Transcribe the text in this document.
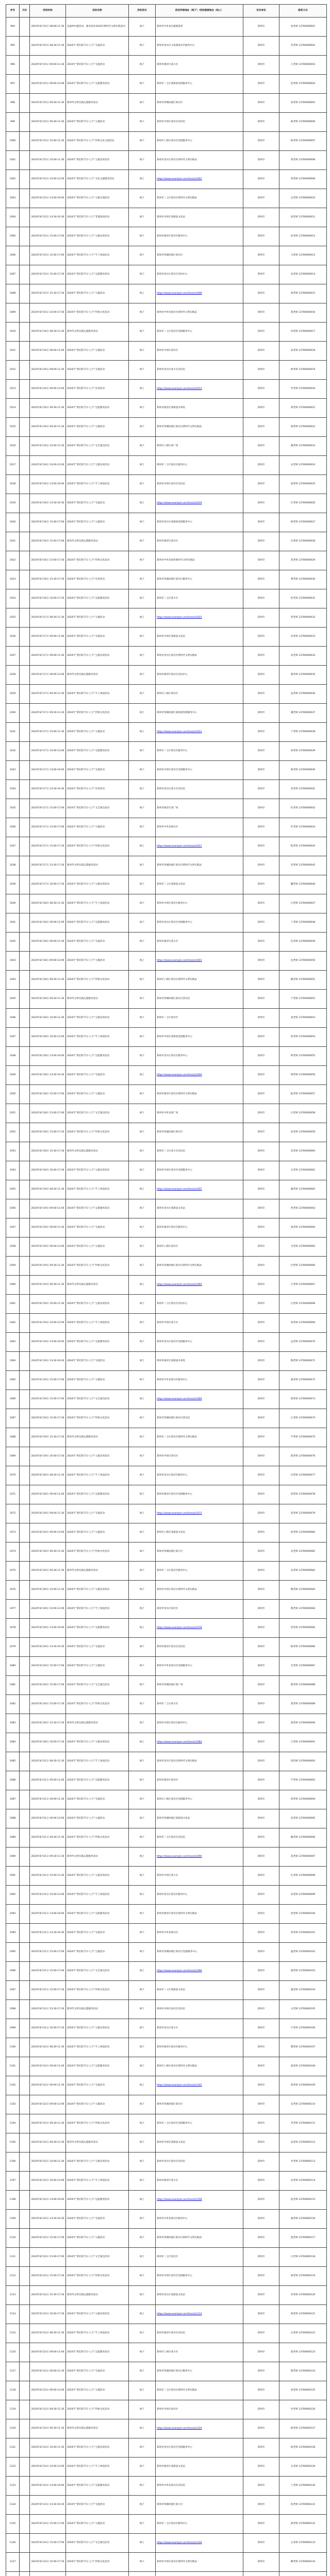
序号	月份	活动时间	活动名称	活动形式	活动详细地址（线下）/活动链接地址（线上）	发布单位	联系方式
994		2024年8月15日 08:00-11:30	美丽乡村游活动，感受家乡2024年新时代文明实践活动	线下	郑州市中牟县官渡镇某村	郑州市	张老师 13700000001
995		2024年8月15日 08:30-11:30	2024年“我们的节日·七夕”交流活动	线下	郑州市金水区文化路某社区服务中心	郑州市	李老师 13700000002
996		2024年8月15日 09:00-11:30	2024年“我们的节日·七夕”交流活动	线下	郑州市惠济区某小区	郑州市	王老师 13700000003
997		2024年8月15日 09:00-12:00	2024年“我们的节日·七夕”志愿服务活动	线下	郑州市二七区某街道党群服务中心	郑州市	赵老师 13700000004
998		2024年8月15日 09:30-11:30	新时代文明实践志愿服务活动	线下	郑州市管城回族区某社区	郑州市	刘老师 13700000005
999		2024年8月15日 09:30-11:30	2024年“我们的节日·七夕”主题活动	线下	郑州市中原区某社区活动室	郑州市	陈老师 13700000006
1000		2024年8月15日 10:00-11:30	2024年“我们的节日·七夕”传统文化交流活动	线下	郑州市上街区某社区党群服务中心	郑州市	杨老师 13700000007
1001		2024年8月15日 10:00-11:30	2024年“我们的节日·七夕”主题宣讲活动	线下	郑州市金水区某社区新时代文明实践站	郑州市	黄老师 13700000008
1002		2024年8月15日 10:00-12:00	2024年“我们的节日·七夕”文化志愿服务活动	线上	https://www.example.com/live/zz1002	郑州市	周老师 13700000009
1003		2024年8月15日 14:00-16:00	2024年“我们的节日·七夕”主题交流活动	线下	郑州市二七区某社区新时代文明实践站	郑州市	吴老师 13700000010
1004		2024年8月15日 14:30-16:30	2024年“我们的节日·七夕”非遗体验活动	线下	郑州市中原区某街道文化站	郑州市	徐老师 13700000011
1005		2024年8月15日 15:00-17:00	2024年“我们的节日·七夕”主题宣讲活动	线下	郑州市惠济区某社区服务中心	郑州市	孙老师 13700000012
1006		2024年8月15日 15:00-17:00	2024年“我们的节日·七夕”手工体验活动	线下	郑州市管城回族区某社区	郑州市	马老师 13700000013
1007		2024年8月15日 15:00-17:30	2024年“我们的节日·七夕”志愿服务活动	线下	郑州市金水区某社区活动中心	郑州市	朱老师 13700000014
1008		2024年8月15日 15:30-17:30	2024年“我们的节日·七夕”主题活动	线上	https://www.example.com/live/zz1008	郑州市	胡老师 13700000015
1009		2024年8月15日 16:00-17:30	2024年“我们的节日·七夕”传统文化活动	线下	郑州市中牟县某社区新时代文明实践站	郑州市	郭老师 13700000016
1010		2024年8月16日 08:30-11:30	新时代文明实践志愿服务活动	线下	郑州市二七区某社区党群服务中心	郑州市	何老师 13700000017
1011		2024年8月16日 09:00-11:00	2024年“我们的节日·七夕”主题活动	线下	郑州市中原区某社区	郑州市	高老师 13700000018
1012		2024年8月16日 09:00-11:30	2024年“我们的节日·七夕”交流活动	线下	郑州市金水区某小区活动室	郑州市	林老师 13700000019
1013		2024年8月16日 09:00-12:00	2024年“我们的节日·七夕”宣讲活动	线上	https://www.example.com/live/zz1013	郑州市	罗老师 13700000020
1014		2024年8月16日 09:30-11:30	2024年“我们的节日·七夕”志愿服务活动	线下	郑州市惠济区某街道办事处	郑州市	郑老师 13700000021
1015		2024年8月16日 09:30-11:30	2024年“我们的节日·七夕”主题活动	线下	郑州市管城回族区某社区新时代文明实践站	郑州市	梁老师 13700000022
1016		2024年8月16日 10:00-11:30	2024年“我们的节日·七夕”文艺演出活动	线下	郑州市上街区某广场	郑州市	谢老师 13700000023
1017		2024年8月16日 10:00-12:00	2024年“我们的节日·七夕”主题宣讲活动	线下	郑州市二七区某社区服务中心	郑州市	宋老师 13700000024
1018		2024年8月16日 14:00-16:00	2024年“我们的节日·七夕”手工体验活动	线下	郑州市中原区某社区活动室	郑州市	唐老师 13700000025
1019		2024年8月16日 14:30-16:30	2024年“我们的节日·七夕”交流活动	线上	https://www.example.com/live/zz1019	郑州市	许老师 13700000026
1020		2024年8月16日 15:00-17:00	2024年“我们的节日·七夕”主题活动	线下	郑州市金水区某街道党群服务中心	郑州市	韩老师 13700000027
1021		2024年8月16日 15:00-17:00	新时代文明实践志愿服务活动	线下	郑州市惠济区某社区	郑州市	冯老师 13700000028
1022		2024年8月16日 15:00-17:30	2024年“我们的节日·七夕”传统文化活动	线下	郑州市中牟县某村新时代文明实践站	郑州市	邓老师 13700000029
1023		2024年8月16日 15:30-17:30	2024年“我们的节日·七夕”宣讲活动	线下	郑州市管城回族区某社区服务中心	郑州市	曹老师 13700000030
1024		2024年8月16日 16:00-17:30	2024年“我们的节日·七夕”志愿服务活动	线下	郑州市二七区某小区	郑州市	彭老师 13700000031
1025		2024年8月17日 08:30-11:30	2024年“我们的节日·七夕”主题活动	线上	https://www.example.com/live/zz1025	郑州市	曾老师 13700000032
1026		2024年8月17日 09:00-11:00	2024年“我们的节日·七夕”交流活动	线下	郑州市中原区某街道文化站	郑州市	肖老师 13700000033
1027		2024年8月17日 09:00-11:30	2024年“我们的节日·七夕”主题宣讲活动	线下	郑州市金水区某社区新时代文明实践站	郑州市	田老师 13700000034
1028		2024年8月17日 09:00-12:00	新时代文明实践志愿服务活动	线下	郑州市惠济区某社区活动中心	郑州市	董老师 13700000035
1029		2024年8月17日 09:30-11:30	2024年“我们的节日·七夕”手工体验活动	线下	郑州市上街区某社区	郑州市	袁老师 13700000036
1030		2024年8月17日 09:30-11:30	2024年“我们的节日·七夕”传统文化活动	线下	郑州市管城回族区某街道党群服务中心	郑州市	潘老师 13700000037
1031		2024年8月17日 10:00-11:30	2024年“我们的节日·七夕”主题活动	线上	https://www.example.com/live/zz1031	郑州市	于老师 13700000038
1032		2024年8月17日 10:00-12:00	2024年“我们的节日·七夕”志愿服务活动	线下	郑州市二七区某社区服务中心	郑州市	蒋老师 13700000039
1033		2024年8月17日 14:00-16:00	2024年“我们的节日·七夕”交流活动	线下	郑州市中原区某社区党群服务中心	郑州市	蔡老师 13700000040
1034		2024年8月17日 14:30-16:30	2024年“我们的节日·七夕”宣讲活动	线下	郑州市金水区某小区活动室	郑州市	余老师 13700000041
1035		2024年8月17日 15:00-17:00	2024年“我们的节日·七夕”文艺演出活动	线下	郑州市惠济区某广场	郑州市	杜老师 13700000042
1036		2024年8月17日 15:00-17:00	2024年“我们的节日·七夕”主题活动	线下	郑州市中牟县某社区	郑州市	叶老师 13700000043
1037		2024年8月17日 15:00-17:30	2024年“我们的节日·七夕”传统文化活动	线上	https://www.example.com/live/zz1037	郑州市	程老师 13700000044
1038		2024年8月17日 15:30-17:30	新时代文明实践志愿服务活动	线下	郑州市管城回族区某社区新时代文明实践站	郑州市	苏老师 13700000045
1039		2024年8月17日 16:00-17:30	2024年“我们的节日·七夕”主题宣讲活动	线下	郑州市二七区某街道文化站	郑州市	魏老师 13700000046
1040		2024年8月18日 08:30-11:30	2024年“我们的节日·七夕”手工体验活动	线下	郑州市中原区某社区服务中心	郑州市	吕老师 13700000047
1041		2024年8月18日 09:00-11:00	2024年“我们的节日·七夕”志愿服务活动	线下	郑州市金水区某社区党群服务中心	郑州市	丁老师 13700000048
1042		2024年8月18日 09:00-11:30	2024年“我们的节日·七夕”交流活动	线下	郑州市惠济区某小区	郑州市	任老师 13700000049
1043		2024年8月18日 09:00-12:00	2024年“我们的节日·七夕”主题活动	线上	https://www.example.com/live/zz1043	郑州市	沈老师 13700000050
1044		2024年8月18日 09:30-11:30	2024年“我们的节日·七夕”传统文化活动	线下	郑州市上街区某社区新时代文明实践站	郑州市	姚老师 13700000051
1045		2024年8月18日 09:30-11:30	新时代文明实践志愿服务活动	线下	郑州市管城回族区某社区活动室	郑州市	卢老师 13700000052
1046		2024年8月18日 10:00-11:30	2024年“我们的节日·七夕”主题宣讲活动	线下	郑州市二七区某社区	郑州市	姜老师 13700000053
1047		2024年8月18日 10:00-12:00	2024年“我们的节日·七夕”手工体验活动	线下	郑州市中原区某街道党群服务中心	郑州市	崔老师 13700000054
1048		2024年8月18日 14:00-16:00	2024年“我们的节日·七夕”志愿服务活动	线下	郑州市金水区某社区服务中心	郑州市	钟老师 13700000055
1049		2024年8月18日 14:30-16:30	2024年“我们的节日·七夕”交流活动	线上	https://www.example.com/live/zz1049	郑州市	谭老师 13700000056
1050		2024年8月18日 15:00-17:00	2024年“我们的节日·七夕”主题活动	线下	郑州市惠济区某社区新时代文明实践站	郑州市	陆老师 13700000057
1051		2024年8月18日 15:00-17:00	2024年“我们的节日·七夕”文艺演出活动	线下	郑州市中牟县某广场	郑州市	汪老师 13700000058
1052		2024年8月18日 15:00-17:30	2024年“我们的节日·七夕”传统文化活动	线下	郑州市管城回族区某社区	郑州市	范老师 13700000059
1053		2024年8月18日 15:30-17:30	新时代文明实践志愿服务活动	线下	郑州市二七区某小区活动室	郑州市	金老师 13700000060
1054		2024年8月18日 16:00-17:30	2024年“我们的节日·七夕”主题宣讲活动	线下	郑州市中原区某社区党群服务中心	郑州市	石老师 13700000061
1055		2024年8月19日 08:30-11:30	2024年“我们的节日·七夕”手工体验活动	线上	https://www.example.com/live/zz1055	郑州市	廖老师 13700000062
1056		2024年8月19日 09:00-11:00	2024年“我们的节日·七夕”志愿服务活动	线下	郑州市金水区某街道文化站	郑州市	贾老师 13700000063
1057		2024年8月19日 09:00-11:30	2024年“我们的节日·七夕”交流活动	线下	郑州市惠济区某社区服务中心	郑州市	夏老师 13700000064
1058		2024年8月19日 09:00-12:00	2024年“我们的节日·七夕”主题活动	线下	郑州市上街区某社区	郑州市	韦老师 13700000065
1059		2024年8月19日 09:30-11:30	2024年“我们的节日·七夕”传统文化活动	线下	郑州市管城回族区某社区新时代文明实践站	郑州市	付老师 13700000066
1060		2024年8月19日 09:30-11:30	新时代文明实践志愿服务活动	线上	https://www.example.com/live/zz1060	郑州市	方老师 13700000067
1061		2024年8月19日 10:00-11:30	2024年“我们的节日·七夕”主题宣讲活动	线下	郑州市二七区某社区活动中心	郑州市	白老师 13700000068
1062		2024年8月19日 10:00-12:00	2024年“我们的节日·七夕”手工体验活动	线下	郑州市中原区某小区	郑州市	邹老师 13700000069
1063		2024年8月19日 14:00-16:00	2024年“我们的节日·七夕”志愿服务活动	线下	郑州市金水区某社区党群服务中心	郑州市	孟老师 13700000070
1064		2024年8月19日 14:30-16:30	2024年“我们的节日·七夕”交流活动	线下	郑州市惠济区某街道办事处	郑州市	熊老师 13700000071
1065		2024年8月19日 15:00-17:00	2024年“我们的节日·七夕”主题活动	线下	郑州市中牟县某社区服务中心	郑州市	秦老师 13700000072
1066		2024年8月19日 15:00-17:00	2024年“我们的节日·七夕”文艺演出活动	线上	https://www.example.com/live/zz1066	郑州市	邱老师 13700000073
1067		2024年8月19日 15:00-17:30	2024年“我们的节日·七夕”传统文化活动	线下	郑州市管城回族区某社区活动室	郑州市	江老师 13700000074
1068		2024年8月19日 15:30-17:30	新时代文明实践志愿服务活动	线下	郑州市二七区某社区新时代文明实践站	郑州市	尹老师 13700000075
1069		2024年8月19日 16:00-17:30	2024年“我们的节日·七夕”主题宣讲活动	线下	郑州市中原区某社区	郑州市	薛老师 13700000076
1070		2024年8月20日 08:30-11:30	2024年“我们的节日·七夕”手工体验活动	线下	郑州市金水区某社区服务中心	郑州市	闫老师 13700000077
1071		2024年8月20日 09:00-11:00	2024年“我们的节日·七夕”志愿服务活动	线下	郑州市惠济区某社区党群服务中心	郑州市	段老师 13700000078
1072		2024年8月20日 09:00-11:30	2024年“我们的节日·七夕”交流活动	线上	https://www.example.com/live/zz1072	郑州市	雷老师 13700000079
1073		2024年8月20日 09:00-12:00	2024年“我们的节日·七夕”主题活动	线下	郑州市上街区某街道文化站	郑州市	侯老师 13700000080
1074		2024年8月20日 09:30-11:30	2024年“我们的节日·七夕”传统文化活动	线下	郑州市管城回族区某小区	郑州市	龙老师 13700000081
1075		2024年8月20日 09:30-11:30	新时代文明实践志愿服务活动	线下	郑州市二七区某社区服务中心	郑州市	史老师 13700000082
1076		2024年8月20日 10:00-11:30	2024年“我们的节日·七夕”主题宣讲活动	线下	郑州市中原区某社区新时代文明实践站	郑州市	陶老师 13700000083
1077		2024年8月20日 10:00-12:00	2024年“我们的节日·七夕”手工体验活动	线下	郑州市金水区某社区	郑州市	黎老师 13700000084
1078		2024年8月20日 14:00-16:00	2024年“我们的节日·七夕”志愿服务活动	线上	https://www.example.com/live/zz1078	郑州市	贺老师 13700000085
1079		2024年8月20日 14:30-16:30	2024年“我们的节日·七夕”交流活动	线下	郑州市惠济区某社区活动室	郑州市	顾老师 13700000086
1080		2024年8月20日 15:00-17:00	2024年“我们的节日·七夕”主题活动	线下	郑州市中牟县某社区党群服务中心	郑州市	毛老师 13700000087
1081		2024年8月20日 15:00-17:00	2024年“我们的节日·七夕”文艺演出活动	线下	郑州市管城回族区某广场	郑州市	郝老师 13700000088
1082		2024年8月20日 15:00-17:30	2024年“我们的节日·七夕”传统文化活动	线下	郑州市二七区某小区	郑州市	龚老师 13700000089
1083		2024年8月20日 15:30-17:30	新时代文明实践志愿服务活动	线下	郑州市中原区某社区服务中心	郑州市	邵老师 13700000090
1084		2024年8月20日 16:00-17:30	2024年“我们的节日·七夕”主题宣讲活动	线上	https://www.example.com/live/zz1084	郑州市	万老师 13700000091
1085		2024年8月21日 08:30-11:30	2024年“我们的节日·七夕”手工体验活动	线下	郑州市金水区某社区新时代文明实践站	郑州市	钱老师 13700000092
1086		2024年8月21日 09:00-11:00	2024年“我们的节日·七夕”志愿服务活动	线下	郑州市惠济区某社区	郑州市	严老师 13700000093
1087		2024年8月21日 09:00-11:30	2024年“我们的节日·七夕”交流活动	线下	郑州市上街区某社区党群服务中心	郑州市	覃老师 13700000094
1088		2024年8月21日 09:00-12:00	2024年“我们的节日·七夕”主题活动	线下	郑州市管城回族区某街道文化站	郑州市	武老师 13700000095
1089		2024年8月21日 09:30-11:30	2024年“我们的节日·七夕”传统文化活动	线下	郑州市二七区某社区活动室	郑州市	戴老师 13700000096
1090		2024年8月21日 09:30-11:30	新时代文明实践志愿服务活动	线上	https://www.example.com/live/zz1090	郑州市	莫老师 13700000097
1091		2024年8月21日 10:00-11:30	2024年“我们的节日·七夕”主题宣讲活动	线下	郑州市中原区某小区	郑州市	孔老师 13700000098
1092		2024年8月21日 10:00-12:00	2024年“我们的节日·七夕”手工体验活动	线下	郑州市金水区某社区服务中心	郑州市	向老师 13700000099
1093		2024年8月21日 14:00-16:00	2024年“我们的节日·七夕”志愿服务活动	线下	郑州市惠济区某社区新时代文明实践站	郑州市	汤老师 13700000100
1094		2024年8月21日 14:30-16:30	2024年“我们的节日·七夕”交流活动	线下	郑州市中牟县某社区	郑州市	常老师 13700000101
1095		2024年8月21日 15:00-17:00	2024年“我们的节日·七夕”主题活动	线下	郑州市管城回族区某社区党群服务中心	郑州市	温老师 13700000102
1096		2024年8月21日 15:00-17:00	2024年“我们的节日·七夕”文艺演出活动	线上	https://www.example.com/live/zz1096	郑州市	康老师 13700000103
1097		2024年8月21日 15:00-17:30	2024年“我们的节日·七夕”传统文化活动	线下	郑州市二七区某街道文化站	郑州市	施老师 13700000104
1098		2024年8月21日 15:30-17:30	新时代文明实践志愿服务活动	线下	郑州市中原区某社区活动室	郑州市	文老师 13700000105
1099		2024年8月21日 16:00-17:30	2024年“我们的节日·七夕”主题宣讲活动	线下	郑州市金水区某小区	郑州市	牛老师 13700000106
1100		2024年8月22日 08:30-11:30	2024年“我们的节日·七夕”手工体验活动	线下	郑州市惠济区某社区服务中心	郑州市	樊老师 13700000107
1101		2024年8月22日 09:00-11:00	2024年“我们的节日·七夕”志愿服务活动	线下	郑州市上街区某社区新时代文明实践站	郑州市	葛老师 13700000108
1102		2024年8月22日 09:00-11:30	2024年“我们的节日·七夕”交流活动	线上	https://www.example.com/live/zz1102	郑州市	邢老师 13700000109
1103		2024年8月22日 09:00-12:00	2024年“我们的节日·七夕”主题活动	线下	郑州市管城回族区某社区	郑州市	安老师 13700000110
1104		2024年8月22日 09:30-11:30	2024年“我们的节日·七夕”传统文化活动	线下	郑州市二七区某社区党群服务中心	郑州市	齐老师 13700000111
1105		2024年8月22日 09:30-11:30	新时代文明实践志愿服务活动	线下	郑州市中原区某街道文化站	郑州市	易老师 13700000112
1106		2024年8月22日 10:00-11:30	2024年“我们的节日·七夕”主题宣讲活动	线下	郑州市金水区某社区活动室	郑州市	乔老师 13700000113
1107		2024年8月22日 10:00-12:00	2024年“我们的节日·七夕”手工体验活动	线下	郑州市惠济区某小区	郑州市	伍老师 13700000114
1108		2024年8月22日 14:00-16:00	2024年“我们的节日·七夕”志愿服务活动	线上	https://www.example.com/live/zz1108	郑州市	庞老师 13700000115
1109		2024年8月22日 14:30-16:30	2024年“我们的节日·七夕”交流活动	线下	郑州市中牟县某社区服务中心	郑州市	颜老师 13700000116
1110		2024年8月22日 15:00-17:00	2024年“我们的节日·七夕”主题活动	线下	郑州市管城回族区某社区新时代文明实践站	郑州市	倪老师 13700000117
1111		2024年8月22日 15:00-17:00	2024年“我们的节日·七夕”文艺演出活动	线下	郑州市二七区某社区	郑州市	庄老师 13700000118
1112		2024年8月22日 15:00-17:30	2024年“我们的节日·七夕”传统文化活动	线下	郑州市中原区某社区党群服务中心	郑州市	聂老师 13700000119
1113		2024年8月22日 15:30-17:30	新时代文明实践志愿服务活动	线下	郑州市金水区某街道文化站	郑州市	章老师 13700000120
1114		2024年8月22日 16:00-17:30	2024年“我们的节日·七夕”主题宣讲活动	线上	https://www.example.com/live/zz1114	郑州市	鲁老师 13700000121
1115		2024年8月23日 08:30-11:30	2024年“我们的节日·七夕”手工体验活动	线下	郑州市惠济区某社区活动室	郑州市	岳老师 13700000122
1116		2024年8月23日 09:00-11:00	2024年“我们的节日·七夕”志愿服务活动	线下	郑州市上街区某小区	郑州市	翟老师 13700000123
1117		2024年8月23日 09:00-11:30	2024年“我们的节日·七夕”交流活动	线下	郑州市管城回族区某社区服务中心	郑州市	殷老师 13700000124
1118		2024年8月23日 09:00-12:00	2024年“我们的节日·七夕”主题活动	线下	郑州市二七区某社区新时代文明实践站	郑州市	詹老师 13700000125
1119		2024年8月23日 09:30-11:30	2024年“我们的节日·七夕”传统文化活动	线下	郑州市中原区某社区	郑州市	申老师 13700000126
1120		2024年8月23日 09:30-11:30	新时代文明实践志愿服务活动	线上	https://www.example.com/live/zz1120	郑州市	欧老师 13700000127
1121		2024年8月23日 10:00-11:30	2024年“我们的节日·七夕”主题宣讲活动	线下	郑州市金水区某社区党群服务中心	郑州市	耿老师 13700000128
1122		2024年8月23日 10:00-12:00	2024年“我们的节日·七夕”手工体验活动	线下	郑州市惠济区某街道文化站	郑州市	关老师 13700000129
1123		2024年8月23日 14:00-16:00	2024年“我们的节日·七夕”志愿服务活动	线下	郑州市中牟县某社区活动室	郑州市	兰老师 13700000130
1124		2024年8月23日 14:30-16:30	2024年“我们的节日·七夕”交流活动	线下	郑州市管城回族区某小区	郑州市	焦老师 13700000131
1125		2024年8月23日 15:00-17:00	2024年“我们的节日·七夕”主题活动	线下	郑州市二七区某社区服务中心	郑州市	俞老师 13700000132
1126		2024年8月23日 15:00-17:00	2024年“我们的节日·七夕”文艺演出活动	线上	https://www.example.com/live/zz1126	郑州市	左老师 13700000133
1127		2024年8月23日 15:00-17:30	2024年“我们的节日·七夕”传统文化活动	线下	郑州市中原区某社区新时代文明实践站	郑州市	柳老师 13700000134
